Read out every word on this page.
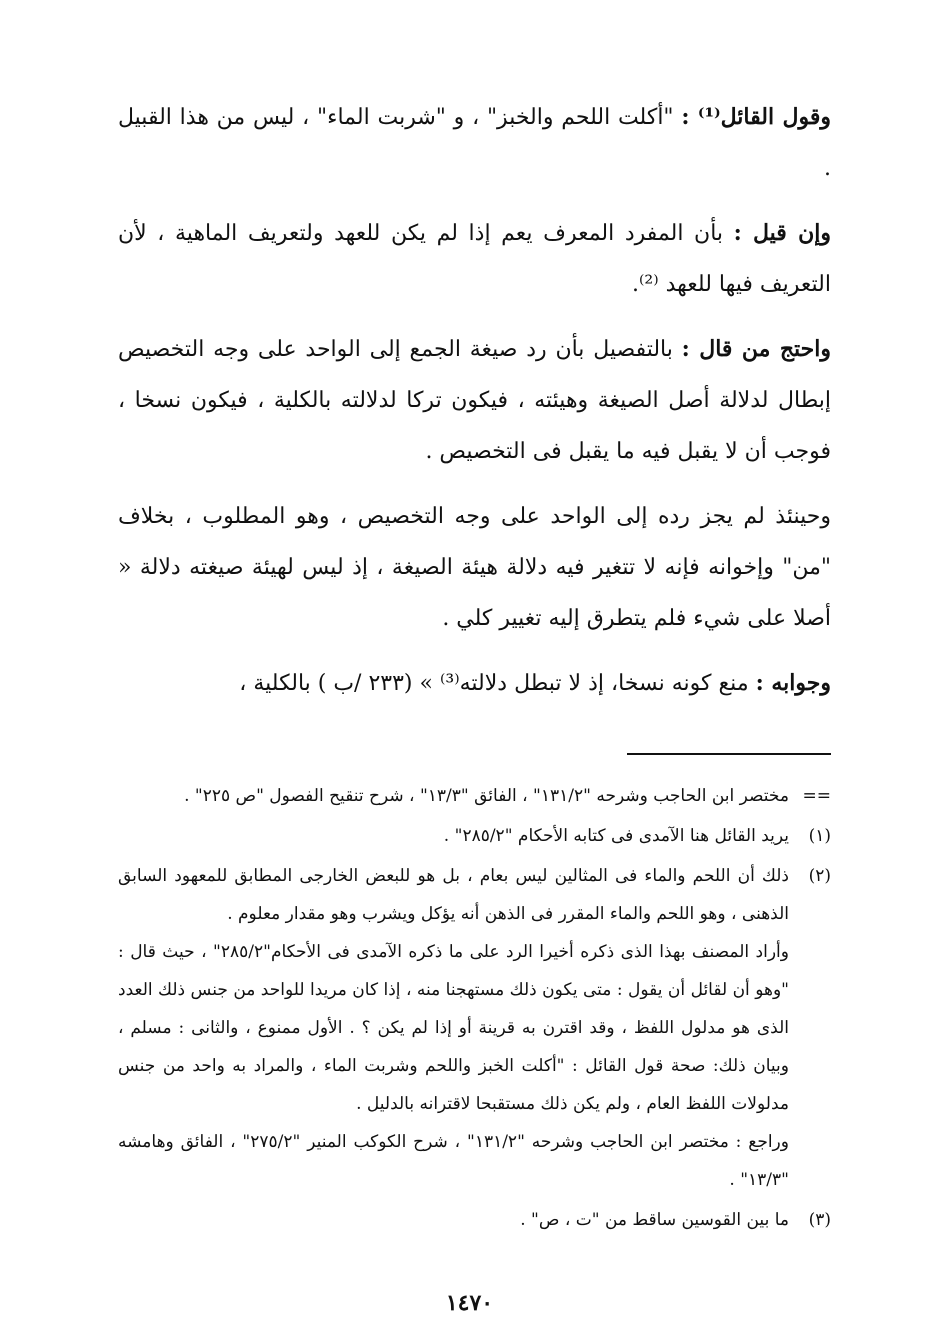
وقول القائل⁽¹⁾ : "أكلت اللحم والخبز" ، و "شربت الماء" ، ليس من هذا القبيل .

وإن قيل : بأن المفرد المعرف يعم إذا لم يكن للعهد ولتعريف الماهية ، لأن التعريف فيها للعهد ⁽²⁾.

واحتج من قال : بالتفصيل بأن رد صيغة الجمع إلى الواحد على وجه التخصيص إبطال لدلالة أصل الصيغة وهيئته ، فيكون تركا لدلالته بالكلية ، فيكون نسخا ، فوجب أن لا يقبل فيه ما يقبل فى التخصيص .

وحينئذ لم يجز رده إلى الواحد على وجه التخصيص ، وهو المطلوب ، بخلاف "من" وإخوانه فإنه لا تتغير فيه دلالة هيئة الصيغة ، إذ ليس لهيئة صيغته دلالة « أصلا على شيء فلم يتطرق إليه تغيير كلي .

وجوابه : منع كونه نسخا، إذ لا تبطل دلالته⁽³⁾ » (٢٣٣ /ب ) بالكلية ،

==

مختصر ابن الحاجب وشرحه "١٣١/٢" ، الفائق "١٣/٣" ، شرح تنقيح الفصول "ص ٢٢٥" .

(١)

يريد القائل هنا الآمدى فى كتابه الأحكام "٢٨٥/٢" .

(٢)

ذلك أن اللحم والماء فى المثالين ليس بعام ، بل هو للبعض الخارجى المطابق للمعهود السابق الذهنى ، وهو اللحم والماء المقرر فى الذهن أنه يؤكل ويشرب وهو مقدار معلوم .

وأراد المصنف بهذا الذى ذكره أخيرا الرد على ما ذكره الآمدى فى الأحكام"٢٨٥/٢" ، حيث قال : "وهو أن لقائل أن يقول : متى يكون ذلك مستهجنا منه ، إذا كان مريدا للواحد من جنس ذلك العدد الذى هو مدلول اللفظ ، وقد اقترن به قرينة أو إذا لم يكن ؟ . الأول ممنوع ، والثانى : مسلم ، وبيان ذلك: صحة قول القائل : "أكلت الخبز واللحم وشربت الماء ، والمراد به واحد من جنس مدلولات اللفظ العام ، ولم يكن ذلك مستقبحا لاقترانه بالدليل .

وراجع : مختصر ابن الحاجب وشرحه "١٣١/٢" ، شرح الكوكب المنير "٢٧٥/٢" ، الفائق وهامشه "١٣/٣" .

(٣)

ما بين القوسين ساقط من "ت ، ص" .

١٤٧٠
